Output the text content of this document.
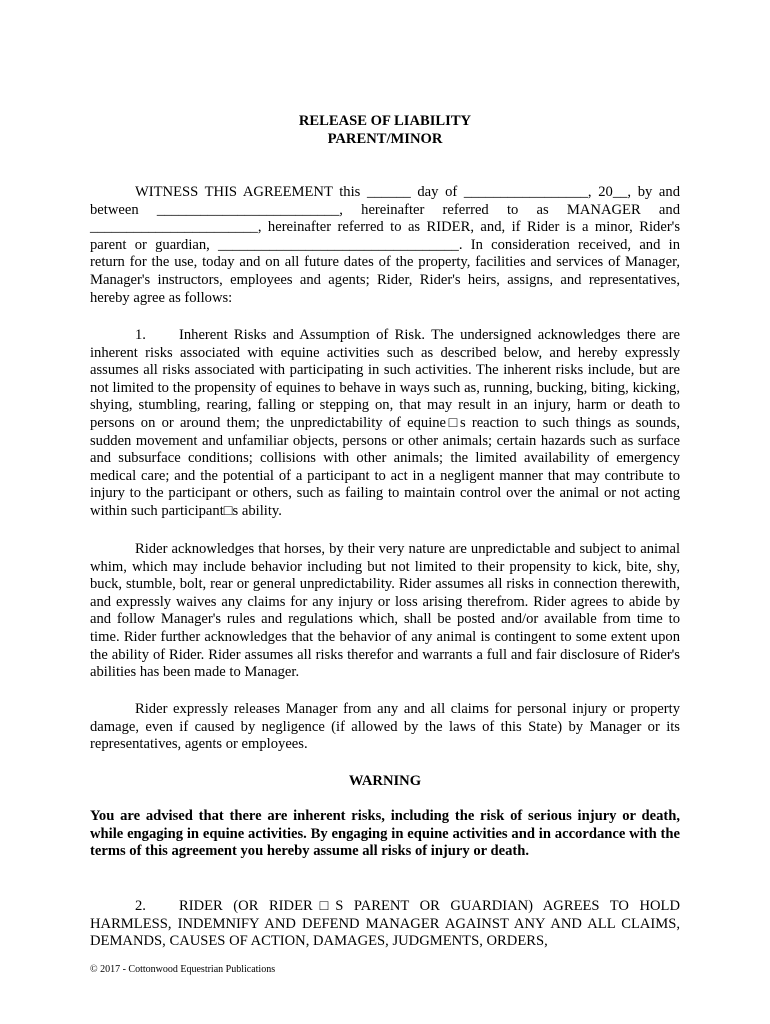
RELEASE OF LIABILITY
PARENT/MINOR

WITNESS THIS AGREEMENT this ______ day of _________________, 20__, by and between _________________________, hereinafter referred to as MANAGER and _______________________, hereinafter referred to as RIDER, and, if Rider is a minor, Rider's parent or guardian, _________________________________. In consideration received, and in return for the use, today and on all future dates of the property, facilities and services of Manager, Manager's instructors, employees and agents; Rider, Rider's heirs, assigns, and representatives, hereby agree as follows:

1. Inherent Risks and Assumption of Risk. The undersigned acknowledges there are inherent risks associated with equine activities such as described below, and hereby expressly assumes all risks associated with participating in such activities. The inherent risks include, but are not limited to the propensity of equines to behave in ways such as, running, bucking, biting, kicking, shying, stumbling, rearing, falling or stepping on, that may result in an injury, harm or death to persons on or around them; the unpredictability of equine□s reaction to such things as sounds, sudden movement and unfamiliar objects, persons or other animals; certain hazards such as surface and subsurface conditions; collisions with other animals; the limited availability of emergency medical care; and the potential of a participant to act in a negligent manner that may contribute to injury to the participant or others, such as failing to maintain control over the animal or not acting within such participant□s ability.

Rider acknowledges that horses, by their very nature are unpredictable and subject to animal whim, which may include behavior including but not limited to their propensity to kick, bite, shy, buck, stumble, bolt, rear or general unpredictability. Rider assumes all risks in connection therewith, and expressly waives any claims for any injury or loss arising therefrom. Rider agrees to abide by and follow Manager's rules and regulations which, shall be posted and/or available from time to time. Rider further acknowledges that the behavior of any animal is contingent to some extent upon the ability of Rider. Rider assumes all risks therefor and warrants a full and fair disclosure of Rider's abilities has been made to Manager.

Rider expressly releases Manager from any and all claims for personal injury or property damage, even if caused by negligence (if allowed by the laws of this State) by Manager or its representatives, agents or employees.

WARNING

You are advised that there are inherent risks, including the risk of serious injury or death, while engaging in equine activities. By engaging in equine activities and in accordance with the terms of this agreement you hereby assume all risks of injury or death.

2. RIDER (OR RIDER□S PARENT OR GUARDIAN) AGREES TO HOLD HARMLESS, INDEMNIFY AND DEFEND MANAGER AGAINST ANY AND ALL CLAIMS, DEMANDS, CAUSES OF ACTION, DAMAGES, JUDGMENTS, ORDERS,

© 2017 - Cottonwood Equestrian Publications
